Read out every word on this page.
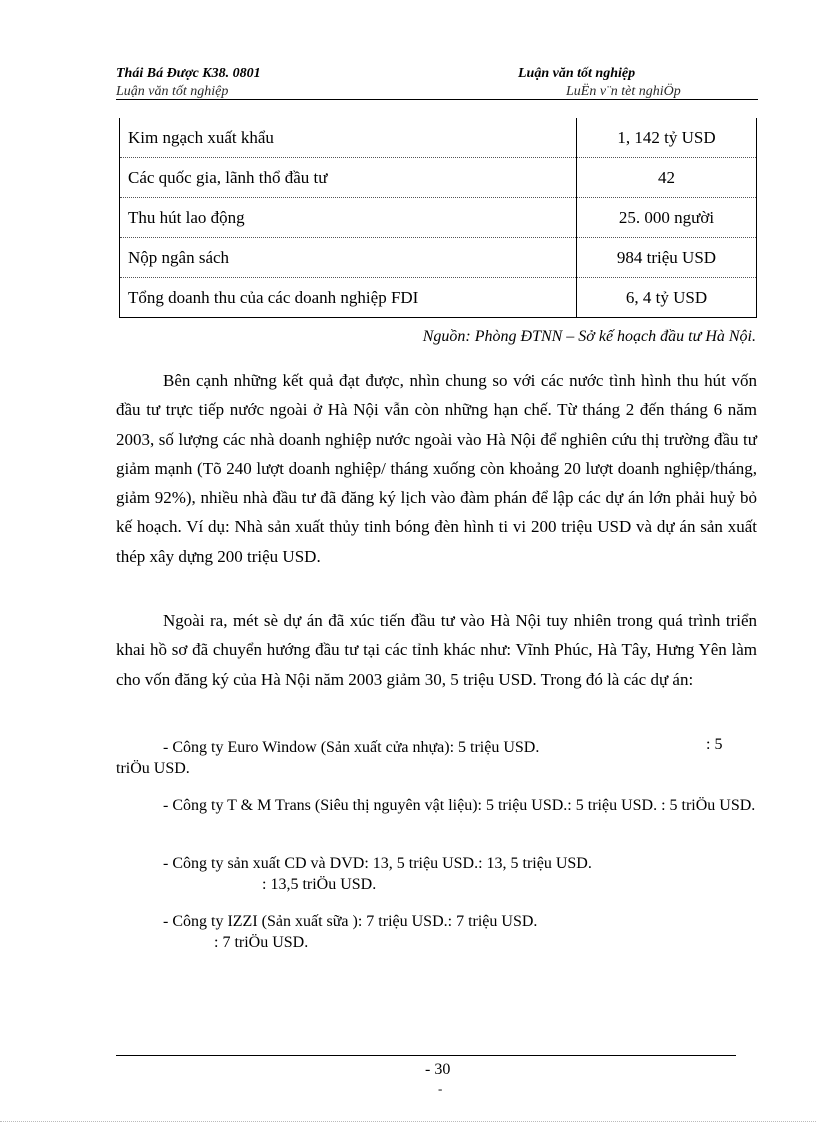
Thái Bá Được K38. 0801	Luận văn tốt nghiệp
Luận văn tốt nghiệp	LuËn v¨n tèt nghiÖp
Kim ngạch xuất khẩu	1, 142 tỷ USD
Các quốc gia, lãnh thổ đầu tư	42
Thu hút lao động	25. 000 người
Nộp ngân sách	984 triệu USD
Tổng doanh thu của các doanh nghiệp FDI	6, 4 tỷ USD
Nguồn: Phòng ĐTNN – Sở kế hoạch đầu tư Hà Nội.

Bên cạnh những kết quả đạt được, nhìn chung so với các nước tình hình thu hút vốn đầu tư trực tiếp nước ngoài ở Hà Nội vẫn còn những hạn chế. Từ tháng 2 đến tháng 6 năm 2003, số lượng các nhà doanh nghiệp nước ngoài vào Hà Nội để nghiên cứu thị trường đầu tư giảm mạnh (Tõ 240 lượt doanh nghiệp/ tháng xuống còn khoảng 20 lượt doanh nghiệp/tháng, giảm 92%), nhiều nhà đầu tư đã đăng ký lịch vào đàm phán để lập các dự án lớn phải huỷ bỏ kế hoạch. Ví dụ: Nhà sản xuất thủy tinh bóng đèn hình ti vi 200 triệu USD và dự án sản xuất thép xây dựng 200 triệu USD.

Ngoài ra, mét sè dự án đã xúc tiến đầu tư vào Hà Nội tuy nhiên trong quá trình triển khai hồ sơ đã chuyển hướng đầu tư tại các tỉnh khác như: Vĩnh Phúc, Hà Tây, Hưng Yên làm cho vốn đăng ký của Hà Nội năm 2003 giảm 30, 5 triệu USD. Trong đó là các dự án:

- Công ty Euro Window (Sản xuất cửa nhựa): 5 triệu USD.	: 5
triÖu USD.

- Công ty T & M Trans (Siêu thị nguyên vật liệu): 5 triệu USD.: 5 triệu USD. : 5 triÖu USD.

- Công ty sản xuất CD và DVD: 13, 5 triệu USD.: 13, 5 triệu USD.

: 13,5 triÖu USD.

- Công ty IZZI (Sản xuất sữa ): 7 triệu USD.: 7 triệu USD.

: 7 triÖu USD.
- 30
-
